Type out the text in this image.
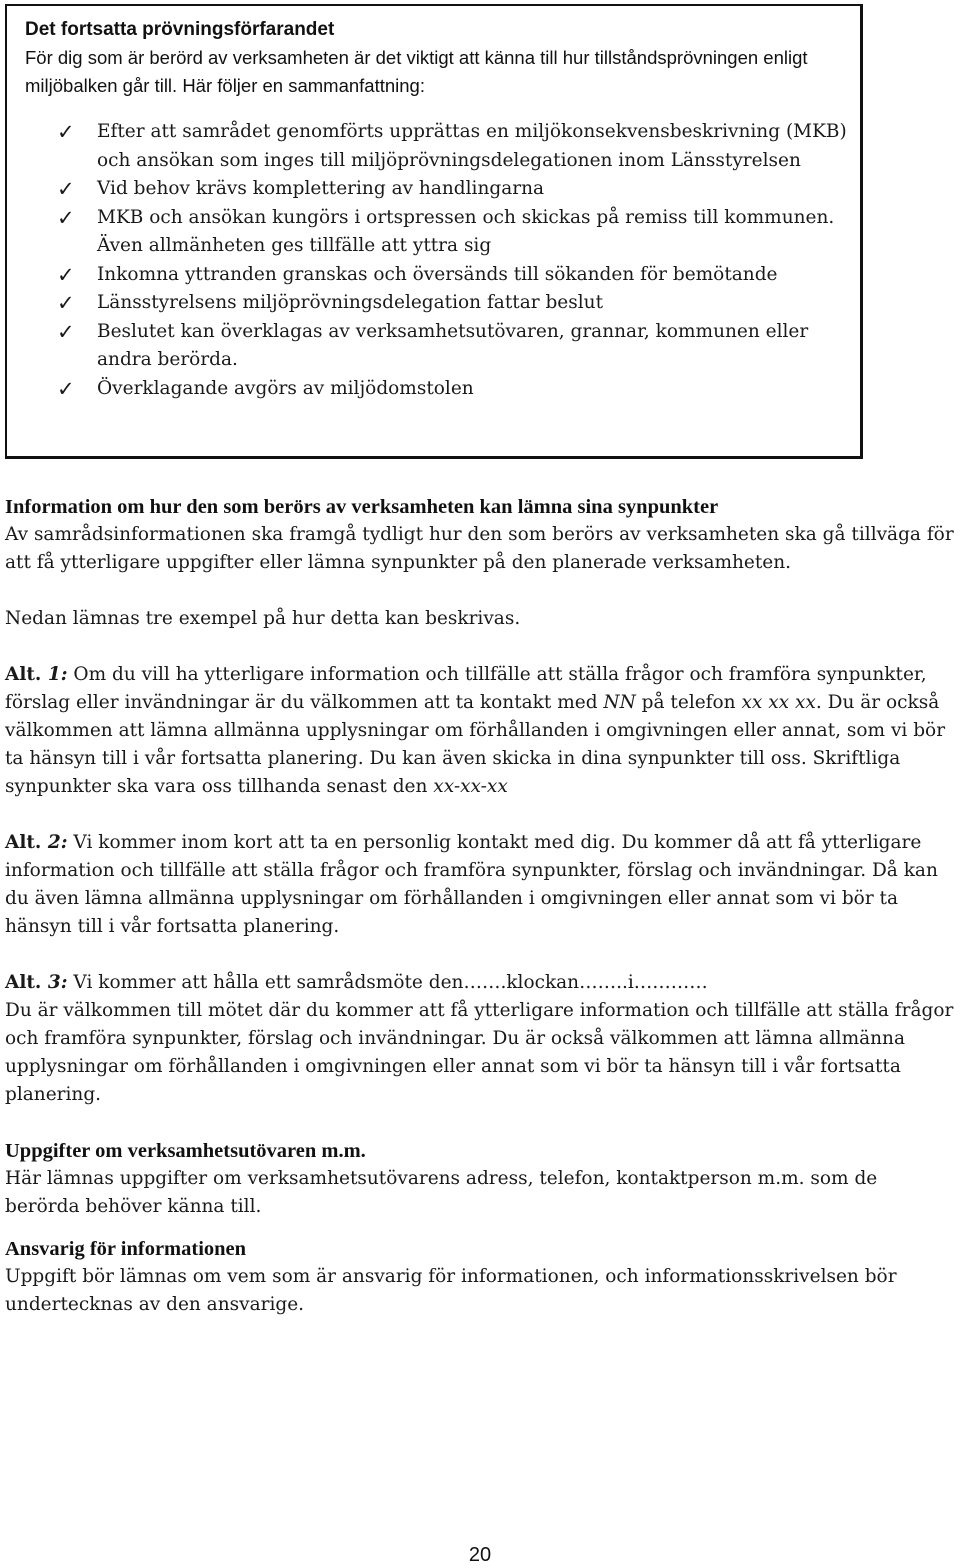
Det fortsatta prövningsförfarandet

För dig som är berörd av verksamheten är det viktigt att känna till hur tillståndsprövningen enligt miljöbalken går till. Här följer en sammanfattning:

✓ Efter att samrådet genomförts upprättas en miljökonsekvensbeskrivning (MKB) och ansökan som inges till miljöprövningsdelegationen inom Länsstyrelsen
✓ Vid behov krävs komplettering av handlingarna
✓ MKB och ansökan kungörs i ortspressen och skickas på remiss till kommunen. Även allmänheten ges tillfälle att yttra sig
✓ Inkomna yttranden granskas och översänds till sökanden för bemötande
✓ Länsstyrelsens miljöprövningsdelegation fattar beslut
✓ Beslutet kan överklagas av verksamhetsutövaren, grannar, kommunen eller andra berörda.
✓ Överklagande avgörs av miljödomstolen

Information om hur den som berörs av verksamheten kan lämna sina synpunkter

Av samrådsinformationen ska framgå tydligt hur den som berörs av verksamheten ska gå tillväga för att få ytterligare uppgifter eller lämna synpunkter på den planerade verksamheten.

Nedan lämnas tre exempel på hur detta kan beskrivas.

Alt. 1: Om du vill ha ytterligare information och tillfälle att ställa frågor och framföra synpunkter, förslag eller invändningar är du välkommen att ta kontakt med NN på telefon xx xx xx. Du är också välkommen att lämna allmänna upplysningar om förhållanden i omgivningen eller annat, som vi bör ta hänsyn till i vår fortsatta planering. Du kan även skicka in dina synpunkter till oss. Skriftliga synpunkter ska vara oss tillhanda senast den xx-xx-xx

Alt. 2: Vi kommer inom kort att ta en personlig kontakt med dig. Du kommer då att få ytterligare information och tillfälle att ställa frågor och framföra synpunkter, förslag och invändningar. Då kan du även lämna allmänna upplysningar om förhållanden i omgivningen eller annat som vi bör ta hänsyn till i vår fortsatta planering.

Alt. 3: Vi kommer att hålla ett samrådsmöte den…….klockan……..i…………

Du är välkommen till mötet där du kommer att få ytterligare information och tillfälle att ställa frågor och framföra synpunkter, förslag och invändningar. Du är också välkommen att lämna allmänna upplysningar om förhållanden i omgivningen eller annat som vi bör ta hänsyn till i vår fortsatta planering.

Uppgifter om verksamhetsutövaren m.m.

Här lämnas uppgifter om verksamhetsutövarens adress, telefon, kontaktperson m.m. som de berörda behöver känna till.

Ansvarig för informationen

Uppgift bör lämnas om vem som är ansvarig för informationen, och informationsskrivelsen bör undertecknas av den ansvarige.

20
